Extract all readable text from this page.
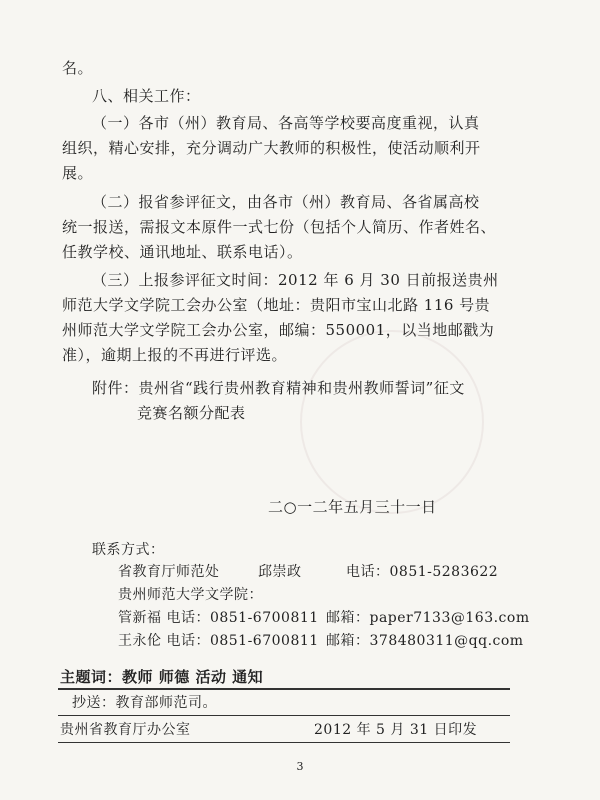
名。
八、相关工作：
（一）各市（州）教育局、各高等学校要高度重视，认真
组织，精心安排，充分调动广大教师的积极性，使活动顺利开
展。
（二）报省参评征文，由各市（州）教育局、各省属高校
统一报送，需报文本原件一式七份（包括个人简历、作者姓名、
任教学校、通讯地址、联系电话）。
（三）上报参评征文时间：2012 年 6 月 30 日前报送贵州
师范大学文学院工会办公室（地址：贵阳市宝山北路 116 号贵
州师范大学文学院工会办公室，邮编：550001，以当地邮戳为
准），逾期上报的不再进行评选。
附件：贵州省“践行贵州教育精神和贵州教师誓词”征文
竞赛名额分配表
二○一二年五月三十一日
联系方式：
省教育厅师范处	邱崇政	电话：0851-5283622
贵州师范大学文学院：
管新福 电话：0851-6700811 邮箱：paper7133@163.com
王永伦 电话：0851-6700811 邮箱：378480311@qq.com
主题词：教师 师德 活动 通知
抄送：教育部师范司。
贵州省教育厅办公室	2012 年 5 月 31 日印发
3
